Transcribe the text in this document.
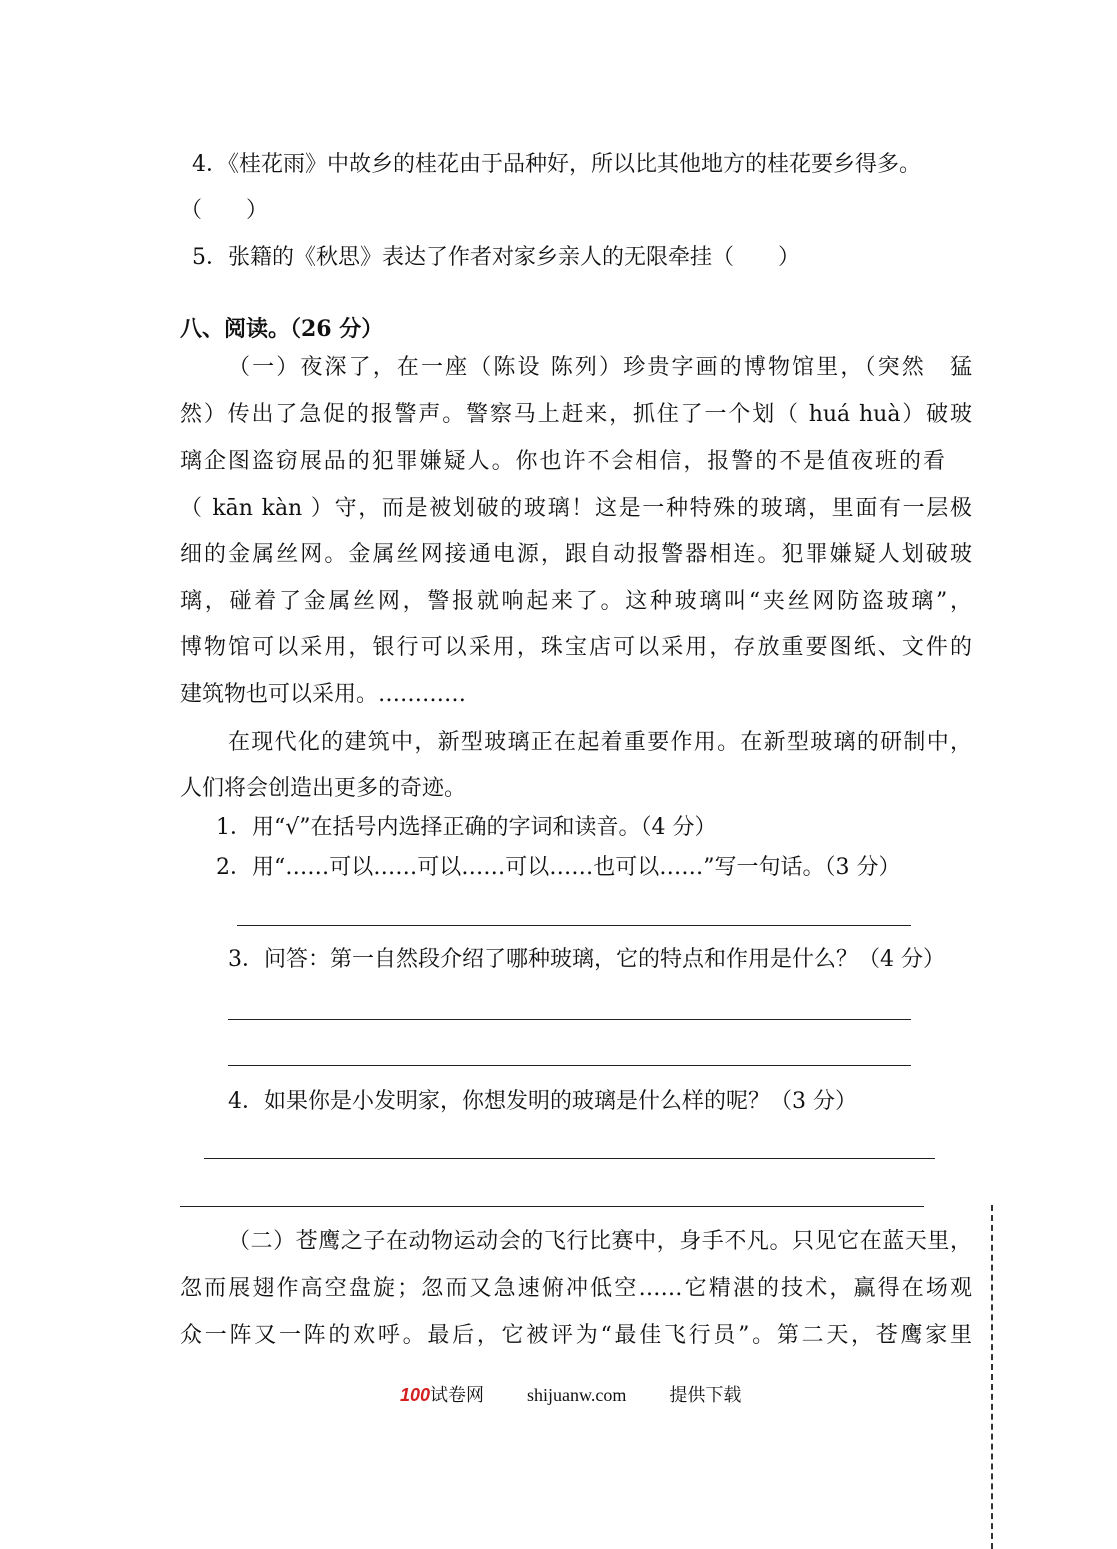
4．《桂花雨》中故乡的桂花由于品种好，所以比其他地方的桂花要乡得多。
（　　）
5．张籍的《秋思》表达了作者对家乡亲人的无限牵挂（　　）
八、阅读。（26 分）
（一）夜深了，在一座（陈设 陈列）珍贵字画的博物馆里，（突然　猛
然）传出了急促的报警声。警察马上赶来，抓住了一个划（ huá huà）破玻
璃企图盗窃展品的犯罪嫌疑人。你也许不会相信，报警的不是值夜班的看
（ kān kàn ）守，而是被划破的玻璃！这是一种特殊的玻璃，里面有一层极
细的金属丝网。金属丝网接通电源，跟自动报警器相连。犯罪嫌疑人划破玻
璃，碰着了金属丝网，警报就响起来了。这种玻璃叫“夹丝网防盗玻璃”，
博物馆可以采用，银行可以采用，珠宝店可以采用，存放重要图纸、文件的
建筑物也可以采用。…………
在现代化的建筑中，新型玻璃正在起着重要作用。在新型玻璃的研制中，
人们将会创造出更多的奇迹。
1．用“√”在括号内选择正确的字词和读音。（4 分）
2．用“……可以……可以……可以……也可以……”写一句话。（3 分）
3．问答：第一自然段介绍了哪种玻璃，它的特点和作用是什么？（4 分）
4．如果你是小发明家，你想发明的玻璃是什么样的呢？（3 分）
（二）苍鹰之子在动物运动会的飞行比赛中，身手不凡。只见它在蓝天里，
忽而展翅作高空盘旋；忽而又急速俯冲低空……它精湛的技术，赢得在场观
众一阵又一阵的欢呼。最后，它被评为“最佳飞行员”。第二天，苍鹰家里
100试卷网 shijuanw.com 提供下载
